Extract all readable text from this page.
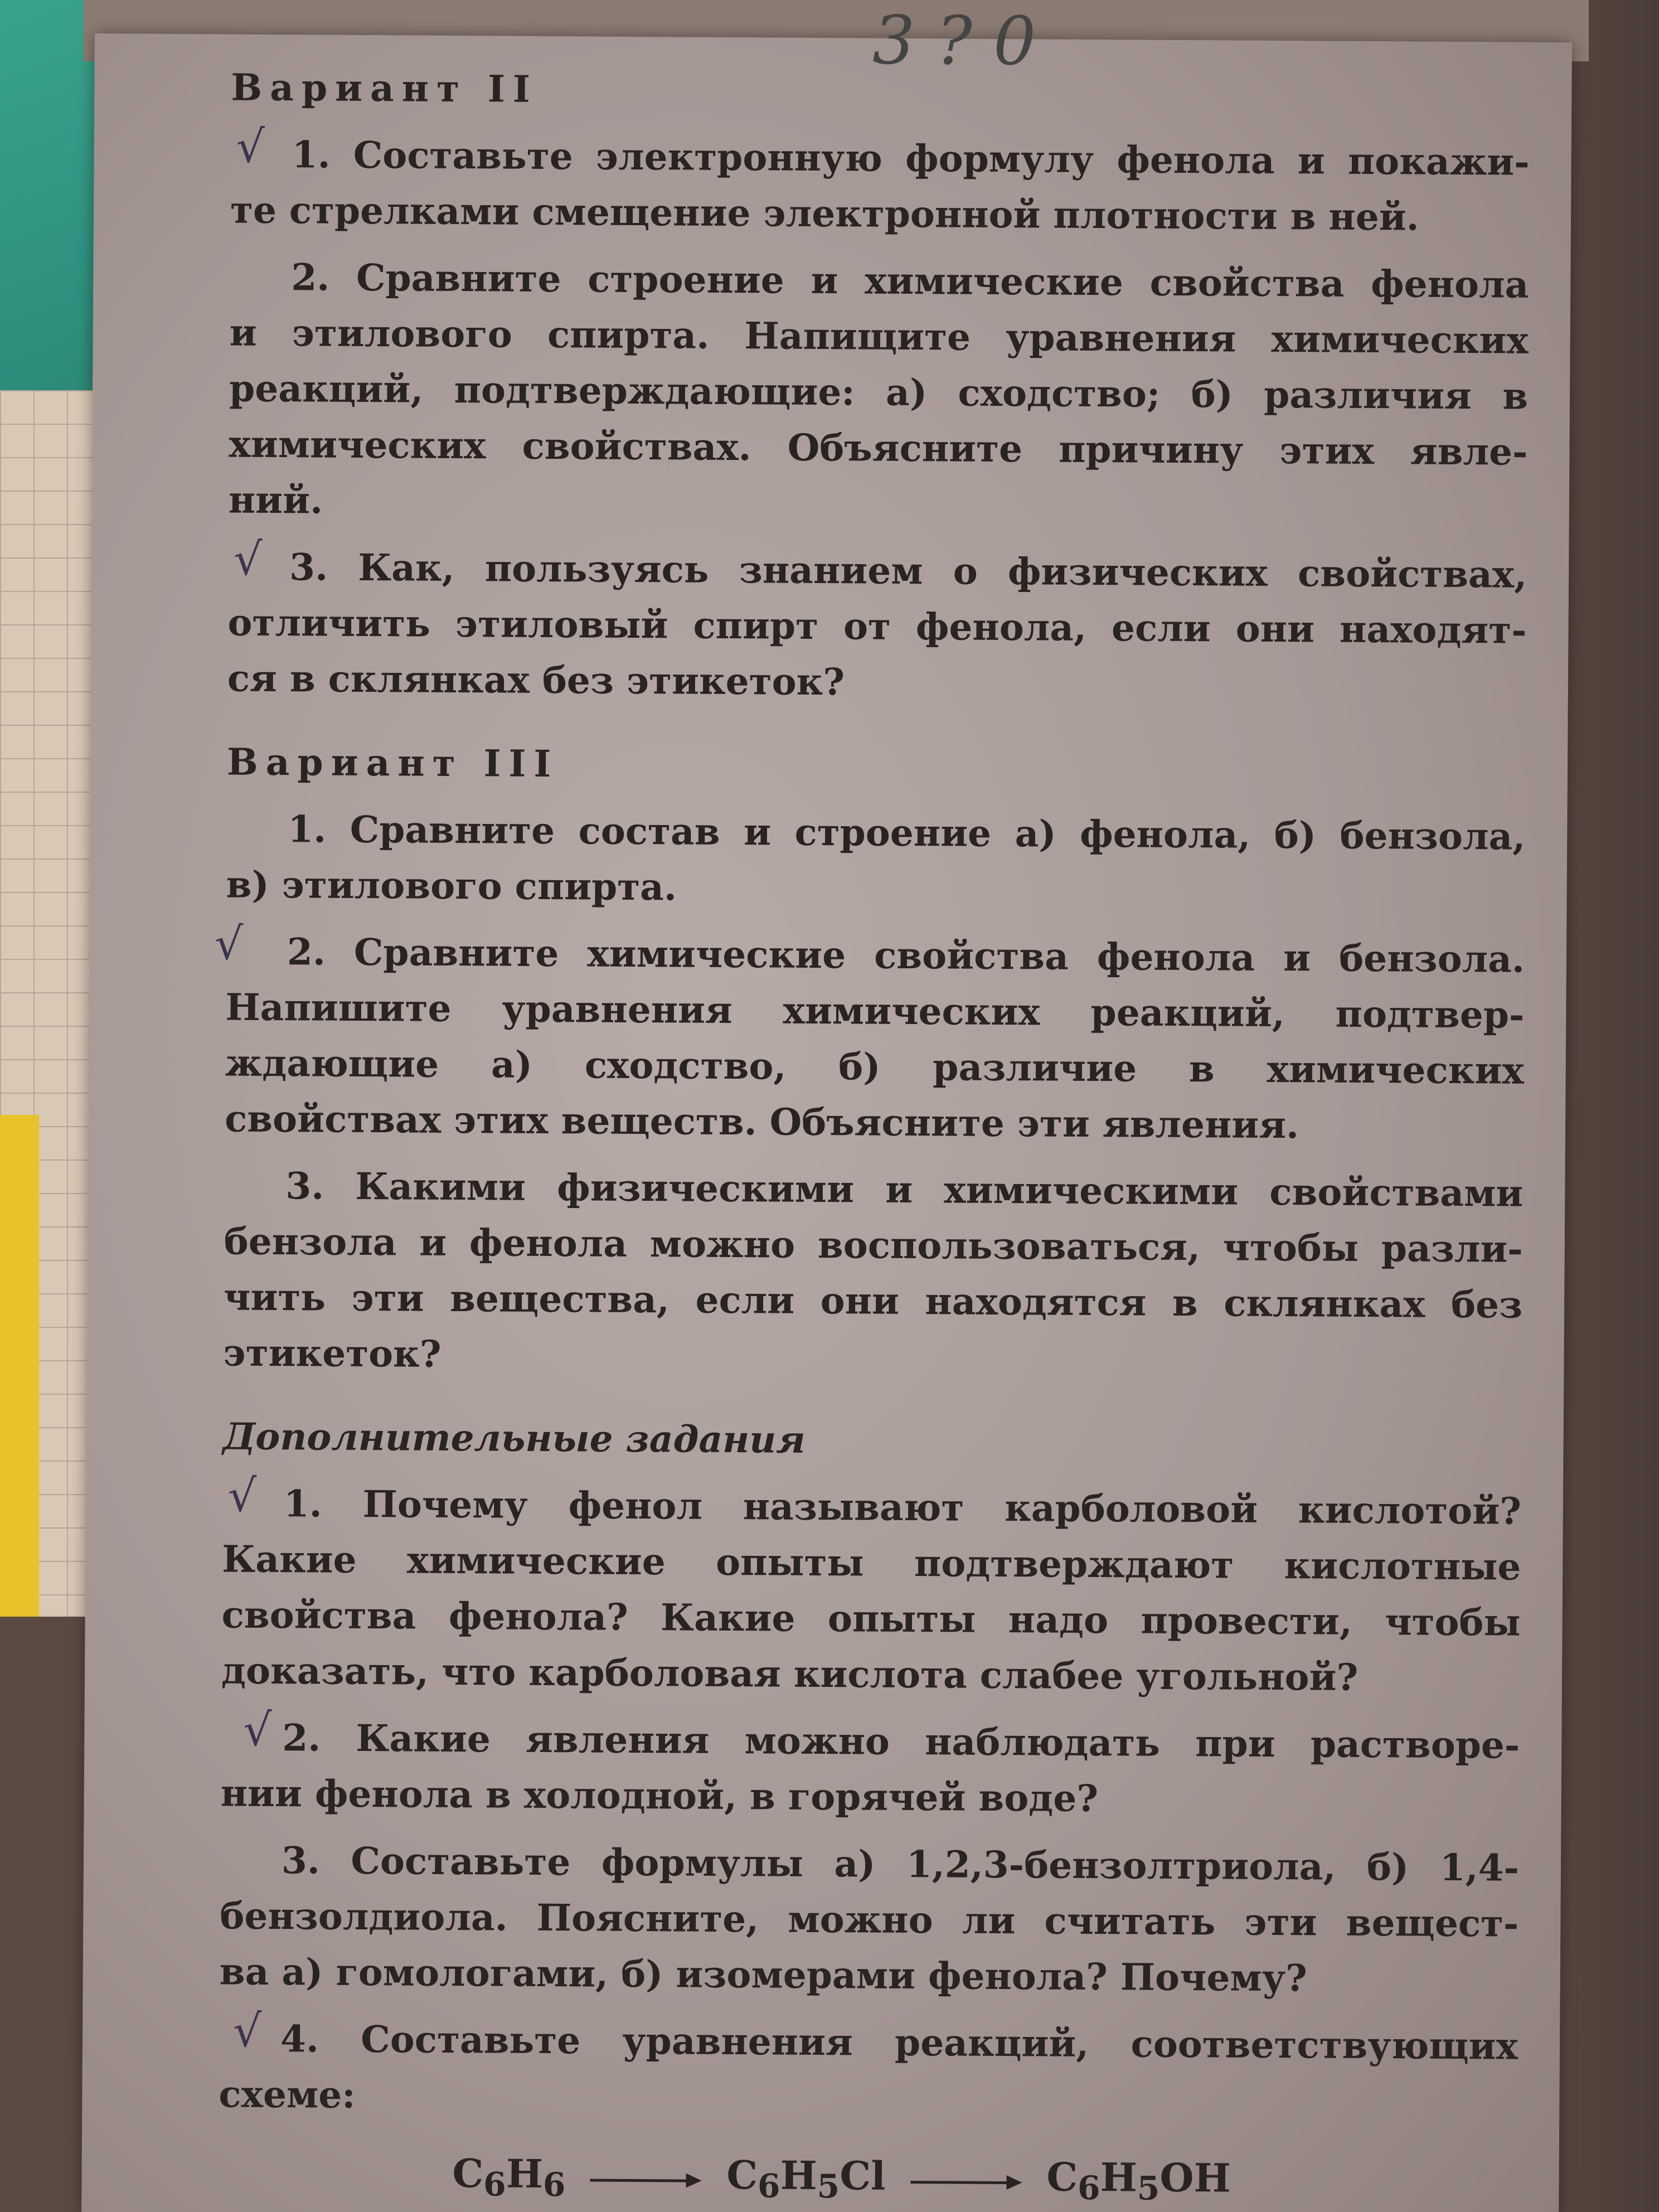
3 ? 0
Вариант II
√ 1. Составьте электронную формулу фенола и покажи-
те стрелками смещение электронной плотности в ней.
2. Сравните строение и химические свойства фенола
и этилового спирта. Напищите уравнения химических
реакций, подтверждающие: а) сходство; б) различия в
химических свойствах. Объясните причину этих явле-
ний.
√ 3. Как, пользуясь знанием о физических свойствах,
отличить этиловый спирт от фенола, если они находят-
ся в склянках без этикеток?
Вариант III
1. Сравните состав и строение а) фенола, б) бензола,
в) этилового спирта.
√	2. Сравните химические свойства фенола и бензола.
Напишите уравнения химических реакций, подтвер-
ждающие а) сходство, б) различие в химических
свойствах этих веществ. Объясните эти явления.
3. Какими физическими и химическими свойствами
бензола и фенола можно воспользоваться, чтобы разли-
чить эти вещества, если они находятся в склянках без
этикеток?
Дополнительные задания
√ 1. Почему фенол называют карболовой кислотой?
Какие химические опыты подтверждают кислотные
свойства фенола? Какие опыты надо провести, чтобы
доказать, что карболовая кислота слабее угольной?
√ 2. Какие явления можно наблюдать при растворе-
нии фенола в холодной, в горячей воде?
3. Составьте формулы а) 1,2,3-бензолтриола, б) 1,4-
бензолдиола. Поясните, можно ли считать эти вещест-
ва а) гомологами, б) изомерами фенола? Почему?
√ 4. Составьте уравнения реакций, соответствующих
схеме:
$C_6H_6$	$C_6H_5Cl$	$C_6H_5OH$
